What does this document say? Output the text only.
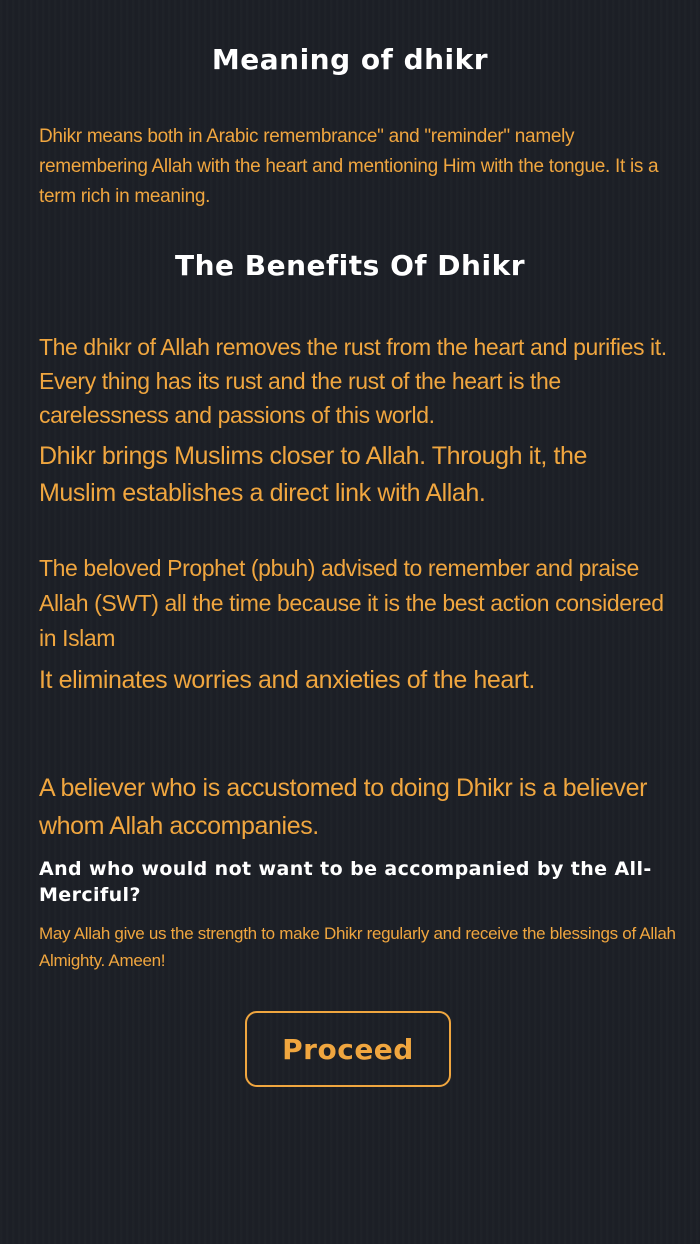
Meaning of dhikr

Dhikr means both in Arabic remembrance" and "reminder" namely remembering Allah with the heart and mentioning Him with the tongue. It is a term rich in meaning.

The Benefits Of Dhikr

The dhikr of Allah removes the rust from the heart and purifies it. Every thing has its rust and the rust of the heart is the carelessness and passions of this world.

Dhikr brings Muslims closer to Allah. Through it, the Muslim establishes a direct link with Allah.

The beloved Prophet (pbuh) advised to remember and praise Allah (SWT) all the time because it is the best action considered in Islam

It eliminates worries and anxieties of the heart.

A believer who is accustomed to doing Dhikr is a believer whom Allah accompanies.

And who would not want to be accompanied by the All-Merciful?

May Allah give us the strength to make Dhikr regularly and receive the blessings of Allah Almighty. Ameen!

Proceed
